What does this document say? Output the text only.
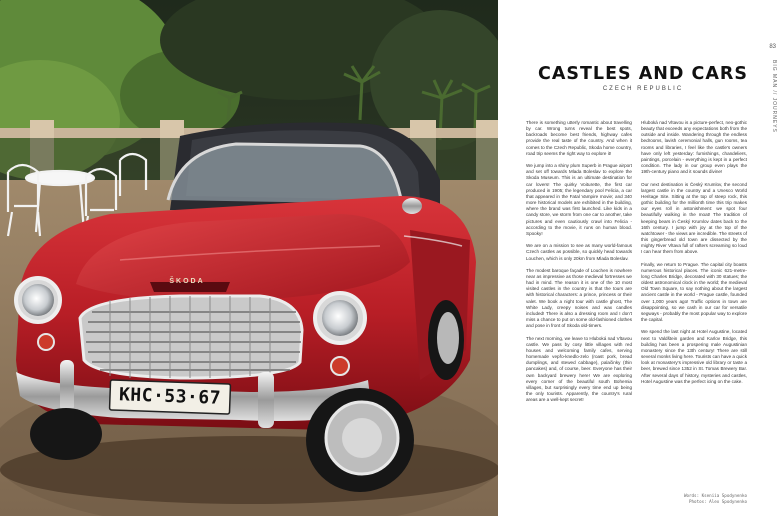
KHC·53·67
ŠKODA
83
BIG MAN // JOURNEYS
CASTLES AND CARS
CZECH REPUBLIC

There is something utterly romantic about travelling by car. Wrong turns reveal the best spots, backroads become best friends, highway cafes provide the real taste of the country. And when it comes to the Czech Republic, Skoda home country, road trip seems the right way to explore it!

We jump into a shiny plum Superb in Prague airport and set off towards Mlada Boleslav to explore the Skoda Museum. This is an ultimate destination for car lovers! The quirky Voiturette, the first car produced in 1905; the legendary pool Felicia, a car that appeared in the Fatal Vampire movie; and 340 more historical models are exhibited in the building, where the brand was first launched. Like kids in a candy store, we storm from one car to another, take pictures and even cautiously crawl into Felicia - according to the movie, it runs on human blood. Spooky!

We are on a mission to see as many world-famous Czech castles as possible, so quickly head towards Louchen, which is only 20km from Mlada Boleslav.

The modest baroque façade of Louchen is nowhere near as impressive as those medieval fortresses we had in mind. The reason it is one of the 10 most visited castles in the country is that the tours are with historical characters: a prince, princess or their valet. We book a night tour with castle ghost, The White Lady, creepy noises and wax candles included! There is also a dressing room and I don't miss a chance to put on some old-fashioned clothes and pose in front of Skoda old-timers.

The next morning, we leave to Hluboká nad Vltavou castle. We pass by cosy little villages with red houses and welcoming family cafes, serving homemade vepřo-knedlo-zelo (roast pork, bread dumplings, and stewed cabbage), palačinky (thin pancakes) and, of course, beer. Everyone has their own backyard brewery here! We are exploring every corner of the beautiful south Bohemia villages, but surprisingly every time end up being the only tourists. Apparently, the country's rural areas are a well-kept secret!

Hluboká nad Vltavou is a picture-perfect, neo-gothic beauty that exceeds any expectations both from the outside and inside. Wandering through the endless bedrooms, lavish ceremonial halls, gun rooms, tea rooms and libraries, I feel like the castle's owners have only left yesterday: furnishings, chandeliers, paintings, porcelain - everything is kept in a perfect condition. The lady in our group even plays the 19th-century piano and it sounds divine!

Our next destination is Český Krumlov, the second largest castle in the country and a Unesco World Heritage Site. Sitting at the top of steep rock, this gothic building for the millionth time this trip makes our eyes roll in astonishment: we spot four beautifully walking in the moat! The tradition of keeping bears in Český Krumlov dates back to the 16th century. I jump with joy at the top of the watchtower - the views are incredible. The streets of this gingerbread old town are dissected by the mighty River Vltava full of rafters screaming so loud I can hear them from above.

Finally, we return to Prague. The capital city boasts numerous historical places. The iconic 621-metre-long Charles Bridge, decorated with 30 statues; the oldest astronomical clock in the world; the medieval Old Town Square, to say nothing about the largest ancient castle in the world - Prague castle, founded over 1,000 years ago! Traffic options in town are disappointing, so we cash in our car for versatile segways - probably the most popular way to explore the capital.

We spend the last night at Hotel Augustine, located next to Valdštein garden and Karlov Bridge, this building has been a prospering male Augustinian monastery since the 13th century! There are still several monks living here. Tourists can have a quick look at monastery's impressive old library or taste a beer, brewed since 1352 in St. Tomas Brewery Bar. After several days of history, mysteries and castles, Hotel Augustine was the perfect icing on the cake.

Words: Kseniia Spodynenko
Photos: Alex Spodynenko
